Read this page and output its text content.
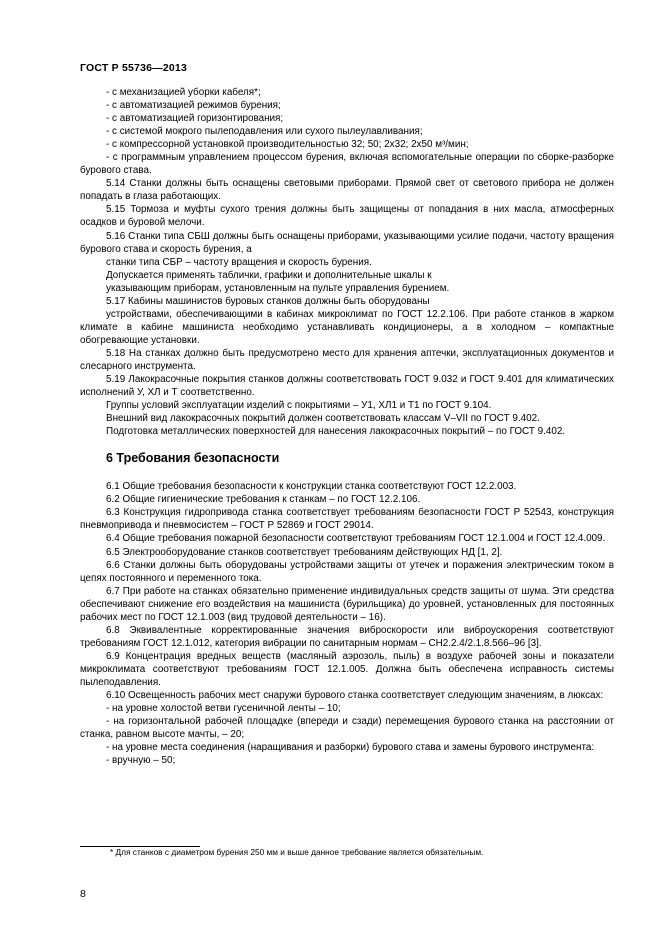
ГОСТ Р 55736—2013

- с механизацией уборки кабеля*;

- с автоматизацией режимов бурения;

- с автоматизацией горизонтирования;

- с системой мокрого пылеподавления или сухого пылеулавливания;

- с компрессорной установкой производительностью 32; 50; 2х32; 2х50 м³/мин;

- с программным управлением процессом бурения, включая вспомогательные операции по сборке-разборке бурового става.

5.14 Станки должны быть оснащены световыми приборами. Прямой свет от светового прибора не должен попадать в глаза работающих.

5.15 Тормоза и муфты сухого трения должны быть защищены от попадания в них масла, атмосферных осадков и буровой мелочи.

5.16 Станки типа СБШ должны быть оснащены приборами, указывающими усилие подачи, частоту вращения бурового става и скорость бурения, а

станки типа СБР – частоту вращения и скорость бурения.

Допускается применять таблички, графики и дополнительные шкалы к

указывающим приборам, установленным на пульте управления бурением.

5.17 Кабины машинистов буровых станков должны быть оборудованы

устройствами, обеспечивающими в кабинах микроклимат по ГОСТ 12.2.106. При работе станков в жарком климате в кабине машиниста необходимо устанавливать кондиционеры, а в холодном – компактные обогревающие установки.

5.18 На станках должно быть предусмотрено место для хранения аптечки, эксплуатационных документов и слесарного инструмента.

5.19 Лакокрасочные покрытия станков должны соответствовать ГОСТ 9.032 и ГОСТ 9.401 для климатических исполнений У, ХЛ и Т соответственно.

Группы условий эксплуатации изделий с покрытиями – У1, ХЛ1 и Т1 по ГОСТ 9.104.

Внешний вид лакокрасочных покрытий должен соответствовать классам V–VII по ГОСТ 9.402.

Подготовка металлических поверхностей для нанесения лакокрасочных покрытий – по ГОСТ 9.402.

6 Требования безопасности

6.1 Общие требования безопасности к конструкции станка соответствуют ГОСТ 12.2.003.

6.2 Общие гигиенические требования к станкам – по ГОСТ 12.2.106.

6.3 Конструкция гидропривода станка соответствует требованиям безопасности ГОСТ Р 52543, конструкция пневмопривода и пневмосистем – ГОСТ Р 52869 и ГОСТ 29014.

6.4 Общие требования пожарной безопасности соответствуют требованиям ГОСТ 12.1.004 и ГОСТ 12.4.009.

6.5 Электрооборудование станков соответствует требованиям действующих НД [1, 2].

6.6 Станки должны быть оборудованы устройствами защиты от утечек и поражения электрическим током в цепях постоянного и переменного тока.

6.7 При работе на станках обязательно применение индивидуальных средств защиты от шума. Эти средства обеспечивают снижение его воздействия на машиниста (бурильщика) до уровней, установленных для постоянных рабочих мест по ГОСТ 12.1.003 (вид трудовой деятельности – 16).

6.8 Эквивалентные корректированные значения виброскорости или виброускорения соответствуют требованиям ГОСТ 12.1.012, категория вибрации по санитарным нормам – СН2.2.4/2.1.8.566–96 [3].

6.9 Концентрация вредных веществ (масляный аэрозоль, пыль) в воздухе рабочей зоны и показатели микроклимата соответствуют требованиям ГОСТ 12.1.005. Должна быть обеспечена исправность системы пылеподавления.

6.10 Освещенность рабочих мест снаружи бурового станка соответствует следующим значениям, в люксах:

- на уровне холостой ветви гусеничной ленты – 10;

- на горизонтальной рабочей площадке (впереди и сзади) перемещения бурового станка на расстоянии от станка, равном высоте мачты, – 20;

- на уровне места соединения (наращивания и разборки) бурового става и замены бурового инструмента:

- вручную – 50;

* Для станков с диаметром бурения 250 мм и выше данное требование является обязательным.
8
